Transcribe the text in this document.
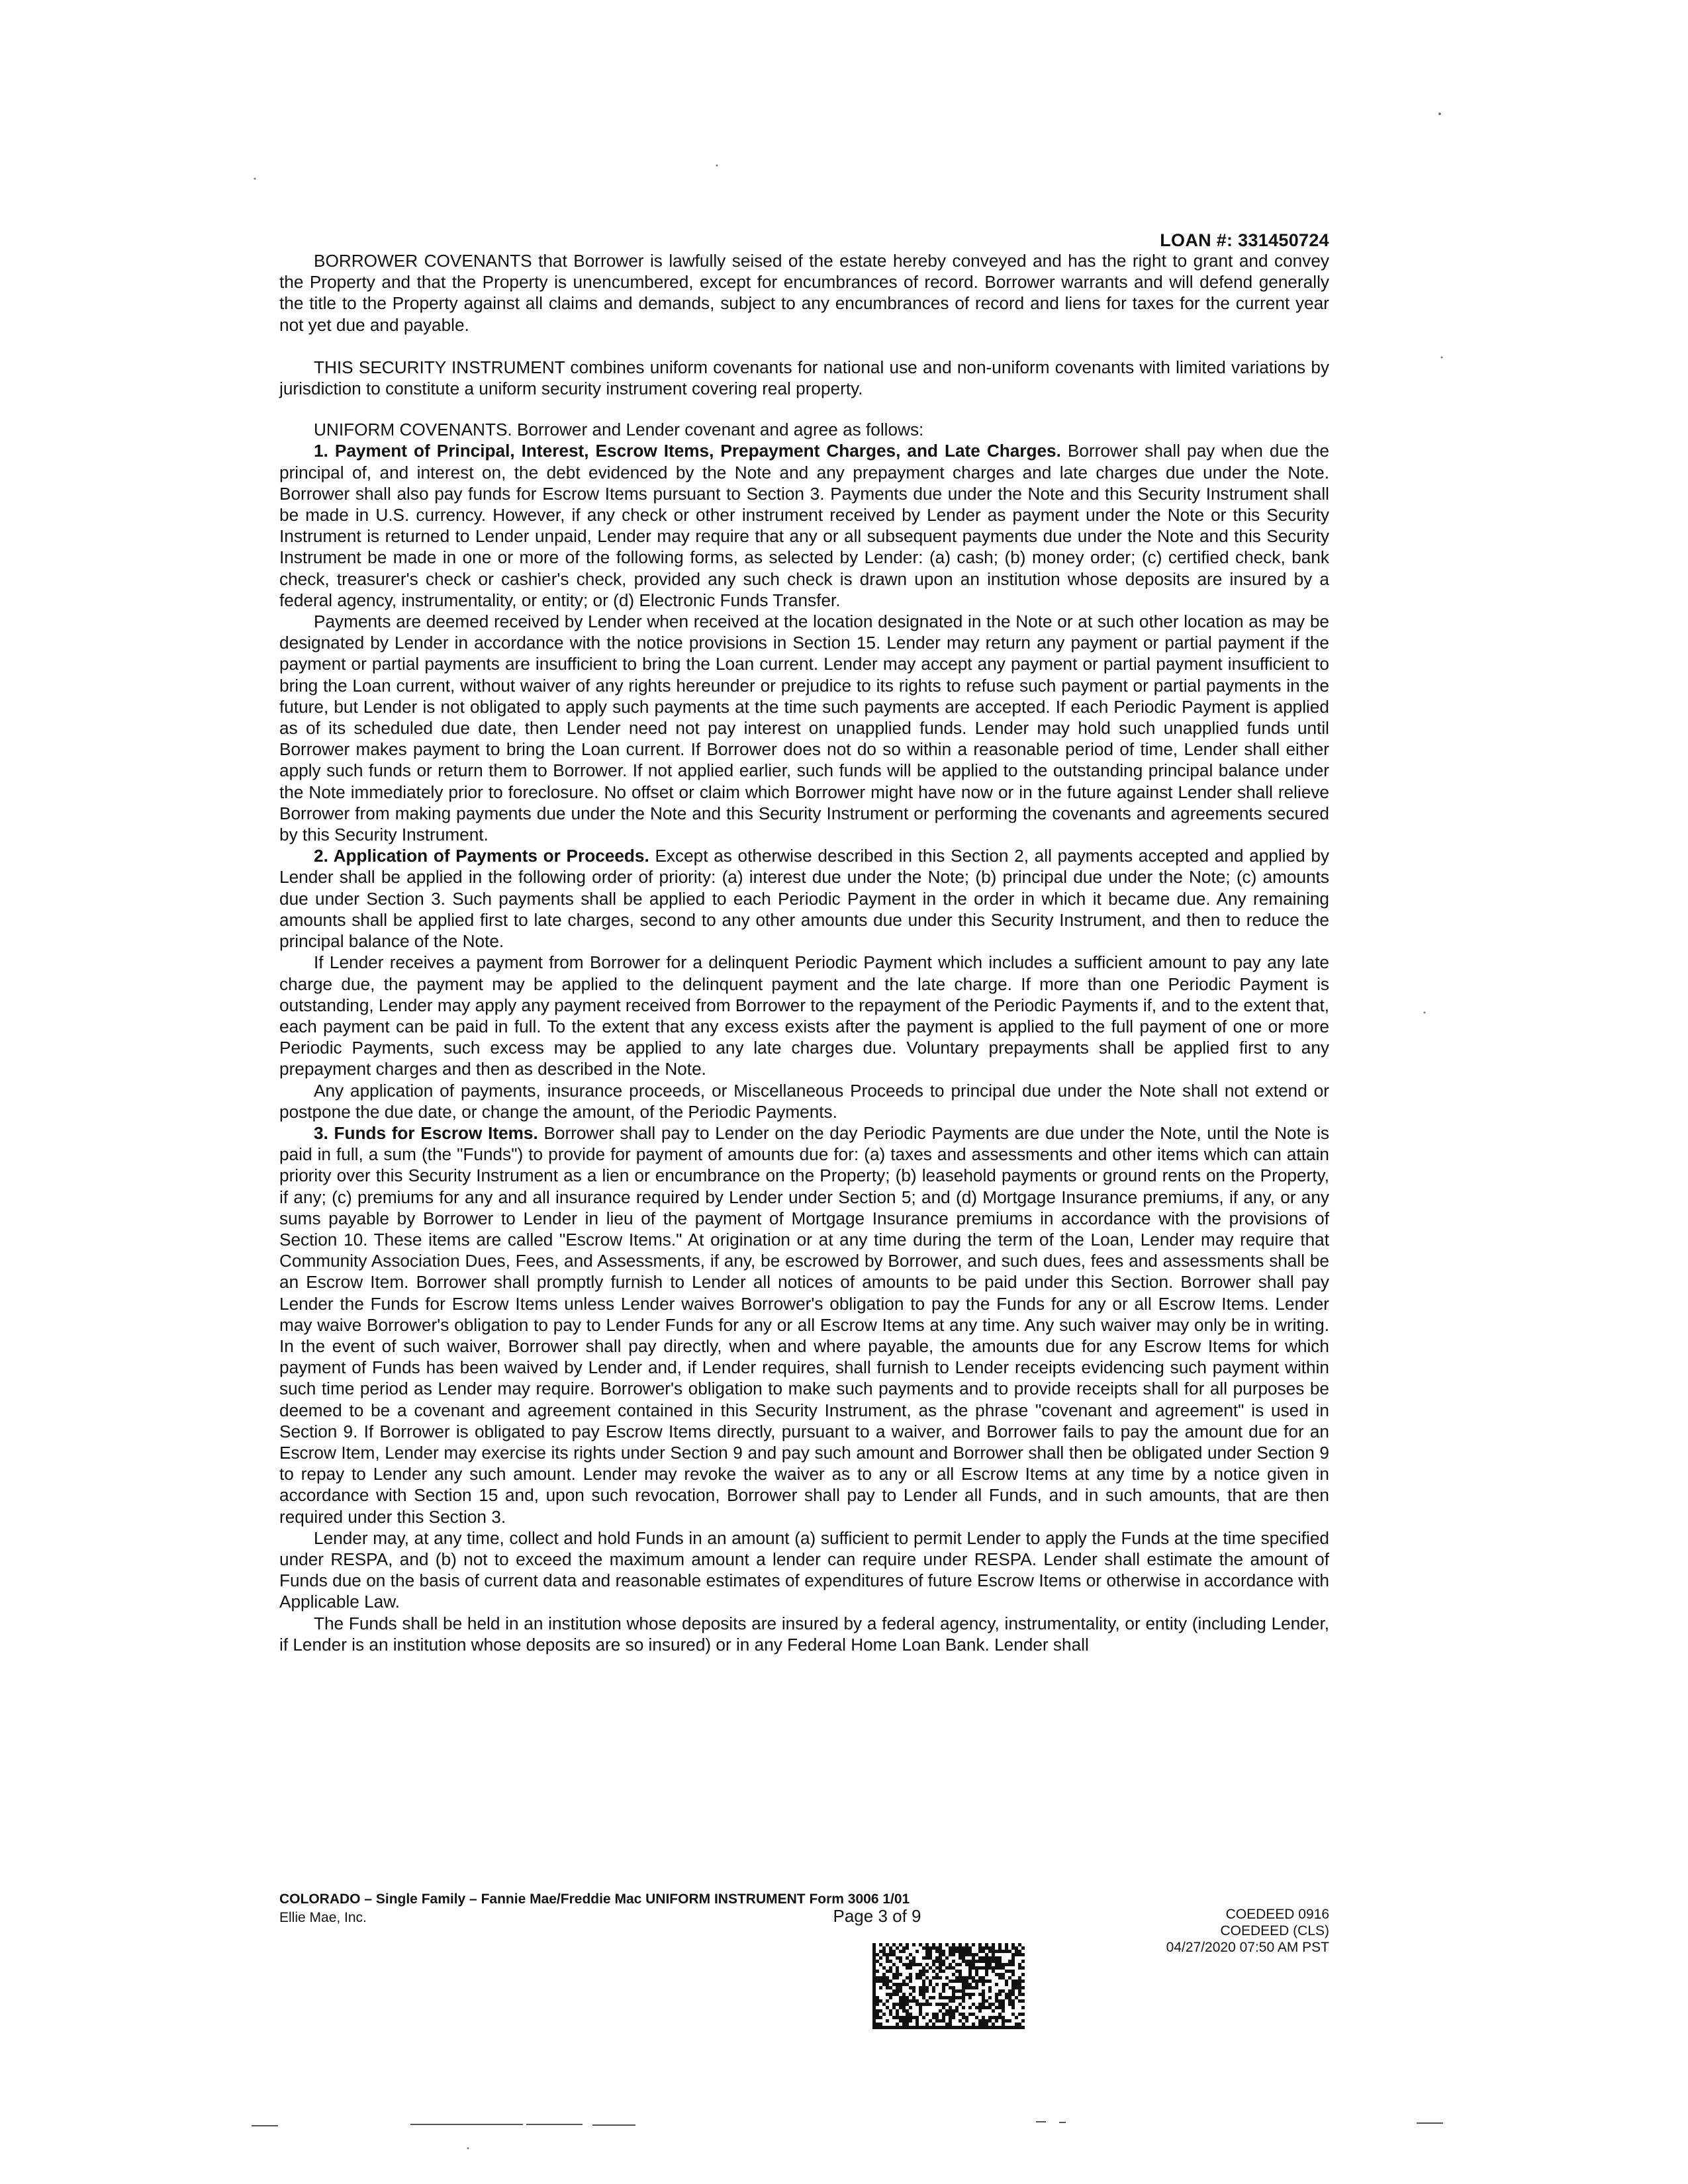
LOAN #: 331450724

BORROWER COVENANTS that Borrower is lawfully seised of the estate hereby conveyed and has the right to grant and convey the Property and that the Property is unencumbered, except for encumbrances of record. Borrower warrants and will defend generally the title to the Property against all claims and demands, subject to any encumbrances of record and liens for taxes for the current year not yet due and payable.

THIS SECURITY INSTRUMENT combines uniform covenants for national use and non-uniform covenants with limited variations by jurisdiction to constitute a uniform security instrument covering real property.

UNIFORM COVENANTS. Borrower and Lender covenant and agree as follows:

1. Payment of Principal, Interest, Escrow Items, Prepayment Charges, and Late Charges. Borrower shall pay when due the principal of, and interest on, the debt evidenced by the Note and any prepayment charges and late charges due under the Note. Borrower shall also pay funds for Escrow Items pursuant to Section 3. Payments due under the Note and this Security Instrument shall be made in U.S. currency. However, if any check or other instrument received by Lender as payment under the Note or this Security Instrument is returned to Lender unpaid, Lender may require that any or all subsequent payments due under the Note and this Security Instrument be made in one or more of the following forms, as selected by Lender: (a) cash; (b) money order; (c) certified check, bank check, treasurer's check or cashier's check, provided any such check is drawn upon an institution whose deposits are insured by a federal agency, instrumentality, or entity; or (d) Electronic Funds Transfer.

Payments are deemed received by Lender when received at the location designated in the Note or at such other location as may be designated by Lender in accordance with the notice provisions in Section 15. Lender may return any payment or partial payment if the payment or partial payments are insufficient to bring the Loan current. Lender may accept any payment or partial payment insufficient to bring the Loan current, without waiver of any rights hereunder or prejudice to its rights to refuse such payment or partial payments in the future, but Lender is not obligated to apply such payments at the time such payments are accepted. If each Periodic Payment is applied as of its scheduled due date, then Lender need not pay interest on unapplied funds. Lender may hold such unapplied funds until Borrower makes payment to bring the Loan current. If Borrower does not do so within a reasonable period of time, Lender shall either apply such funds or return them to Borrower. If not applied earlier, such funds will be applied to the outstanding principal balance under the Note immediately prior to foreclosure. No offset or claim which Borrower might have now or in the future against Lender shall relieve Borrower from making payments due under the Note and this Security Instrument or performing the covenants and agreements secured by this Security Instrument.

2. Application of Payments or Proceeds. Except as otherwise described in this Section 2, all payments accepted and applied by Lender shall be applied in the following order of priority: (a) interest due under the Note; (b) principal due under the Note; (c) amounts due under Section 3. Such payments shall be applied to each Periodic Payment in the order in which it became due. Any remaining amounts shall be applied first to late charges, second to any other amounts due under this Security Instrument, and then to reduce the principal balance of the Note.

If Lender receives a payment from Borrower for a delinquent Periodic Payment which includes a sufficient amount to pay any late charge due, the payment may be applied to the delinquent payment and the late charge. If more than one Periodic Payment is outstanding, Lender may apply any payment received from Borrower to the repayment of the Periodic Payments if, and to the extent that, each payment can be paid in full. To the extent that any excess exists after the payment is applied to the full payment of one or more Periodic Payments, such excess may be applied to any late charges due. Voluntary prepayments shall be applied first to any prepayment charges and then as described in the Note.

Any application of payments, insurance proceeds, or Miscellaneous Proceeds to principal due under the Note shall not extend or postpone the due date, or change the amount, of the Periodic Payments.

3. Funds for Escrow Items. Borrower shall pay to Lender on the day Periodic Payments are due under the Note, until the Note is paid in full, a sum (the "Funds") to provide for payment of amounts due for: (a) taxes and assessments and other items which can attain priority over this Security Instrument as a lien or encumbrance on the Property; (b) leasehold payments or ground rents on the Property, if any; (c) premiums for any and all insurance required by Lender under Section 5; and (d) Mortgage Insurance premiums, if any, or any sums payable by Borrower to Lender in lieu of the payment of Mortgage Insurance premiums in accordance with the provisions of Section 10. These items are called "Escrow Items." At origination or at any time during the term of the Loan, Lender may require that Community Association Dues, Fees, and Assessments, if any, be escrowed by Borrower, and such dues, fees and assessments shall be an Escrow Item. Borrower shall promptly furnish to Lender all notices of amounts to be paid under this Section. Borrower shall pay Lender the Funds for Escrow Items unless Lender waives Borrower's obligation to pay the Funds for any or all Escrow Items. Lender may waive Borrower's obligation to pay to Lender Funds for any or all Escrow Items at any time. Any such waiver may only be in writing. In the event of such waiver, Borrower shall pay directly, when and where payable, the amounts due for any Escrow Items for which payment of Funds has been waived by Lender and, if Lender requires, shall furnish to Lender receipts evidencing such payment within such time period as Lender may require. Borrower's obligation to make such payments and to provide receipts shall for all purposes be deemed to be a covenant and agreement contained in this Security Instrument, as the phrase "covenant and agreement" is used in Section 9. If Borrower is obligated to pay Escrow Items directly, pursuant to a waiver, and Borrower fails to pay the amount due for an Escrow Item, Lender may exercise its rights under Section 9 and pay such amount and Borrower shall then be obligated under Section 9 to repay to Lender any such amount. Lender may revoke the waiver as to any or all Escrow Items at any time by a notice given in accordance with Section 15 and, upon such revocation, Borrower shall pay to Lender all Funds, and in such amounts, that are then required under this Section 3.

Lender may, at any time, collect and hold Funds in an amount (a) sufficient to permit Lender to apply the Funds at the time specified under RESPA, and (b) not to exceed the maximum amount a lender can require under RESPA. Lender shall estimate the amount of Funds due on the basis of current data and reasonable estimates of expenditures of future Escrow Items or otherwise in accordance with Applicable Law.

The Funds shall be held in an institution whose deposits are insured by a federal agency, instrumentality, or entity (including Lender, if Lender is an institution whose deposits are so insured) or in any Federal Home Loan Bank. Lender shall

COLORADO – Single Family – Fannie Mae/Freddie Mac UNIFORM INSTRUMENT Form 3006 1/01
Ellie Mae, Inc.	Page 3 of 9	COEDEED 0916
COEDEED (CLS)
04/27/2020 07:50 AM PST
